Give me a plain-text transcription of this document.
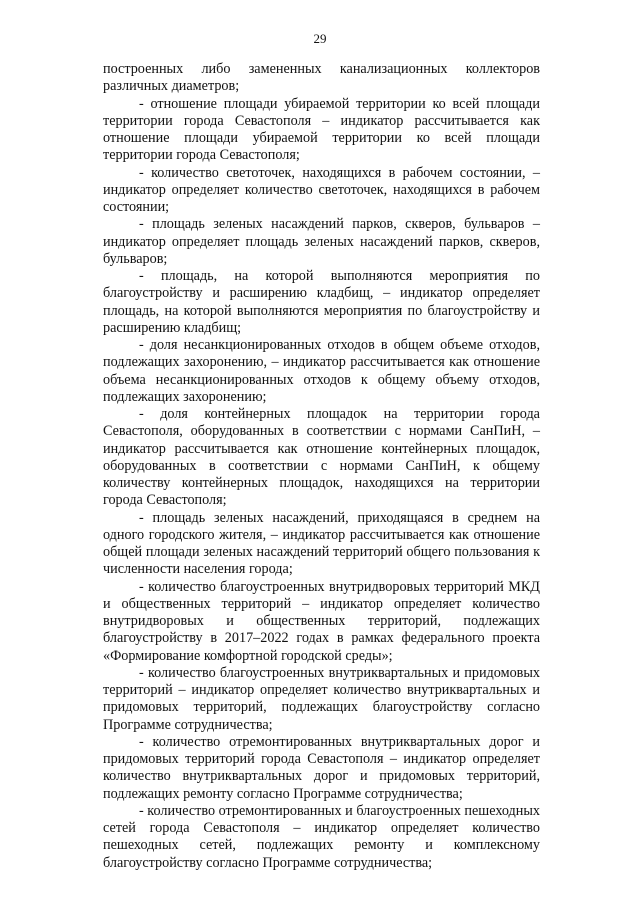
29

построенных либо замененных канализационных коллекторов различных диаметров;

- отношение площади убираемой территории ко всей площади территории города Севастополя – индикатор рассчитывается как отношение площади убираемой территории ко всей площади территории города Севастополя;

- количество светоточек, находящихся в рабочем состоянии, – индикатор определяет количество светоточек, находящихся в рабочем состоянии;

- площадь зеленых насаждений парков, скверов, бульваров – индикатор определяет площадь зеленых насаждений парков, скверов, бульваров;

- площадь, на которой выполняются мероприятия по благоустройству и расширению кладбищ, – индикатор определяет площадь, на которой выполняются мероприятия по благоустройству и расширению кладбищ;

- доля несанкционированных отходов в общем объеме отходов, подлежащих захоронению, – индикатор рассчитывается как отношение объема несанкционированных отходов к общему объему отходов, подлежащих захоронению;

- доля контейнерных площадок на территории города Севастополя, оборудованных в соответствии с нормами СанПиН, – индикатор рассчитывается как отношение контейнерных площадок, оборудованных в соответствии с нормами СанПиН, к общему количеству контейнерных площадок, находящихся на территории города Севастополя;

- площадь зеленых насаждений, приходящаяся в среднем на одного городского жителя, – индикатор рассчитывается как отношение общей площади зеленых насаждений территорий общего пользования к численности населения города;

- количество благоустроенных внутридворовых территорий МКД и общественных территорий – индикатор определяет количество внутридворовых и общественных территорий, подлежащих благоустройству в 2017–2022 годах в рамках федерального проекта «Формирование комфортной городской среды»;

- количество благоустроенных внутриквартальных и придомовых территорий – индикатор определяет количество внутриквартальных и придомовых территорий, подлежащих благоустройству согласно Программе сотрудничества;

- количество отремонтированных внутриквартальных дорог и придомовых территорий города Севастополя – индикатор определяет количество внутриквартальных дорог и придомовых территорий, подлежащих ремонту согласно Программе сотрудничества;

- количество отремонтированных и благоустроенных пешеходных сетей города Севастополя – индикатор определяет количество пешеходных сетей, подлежащих ремонту и комплексному благоустройству согласно Программе сотрудничества;
